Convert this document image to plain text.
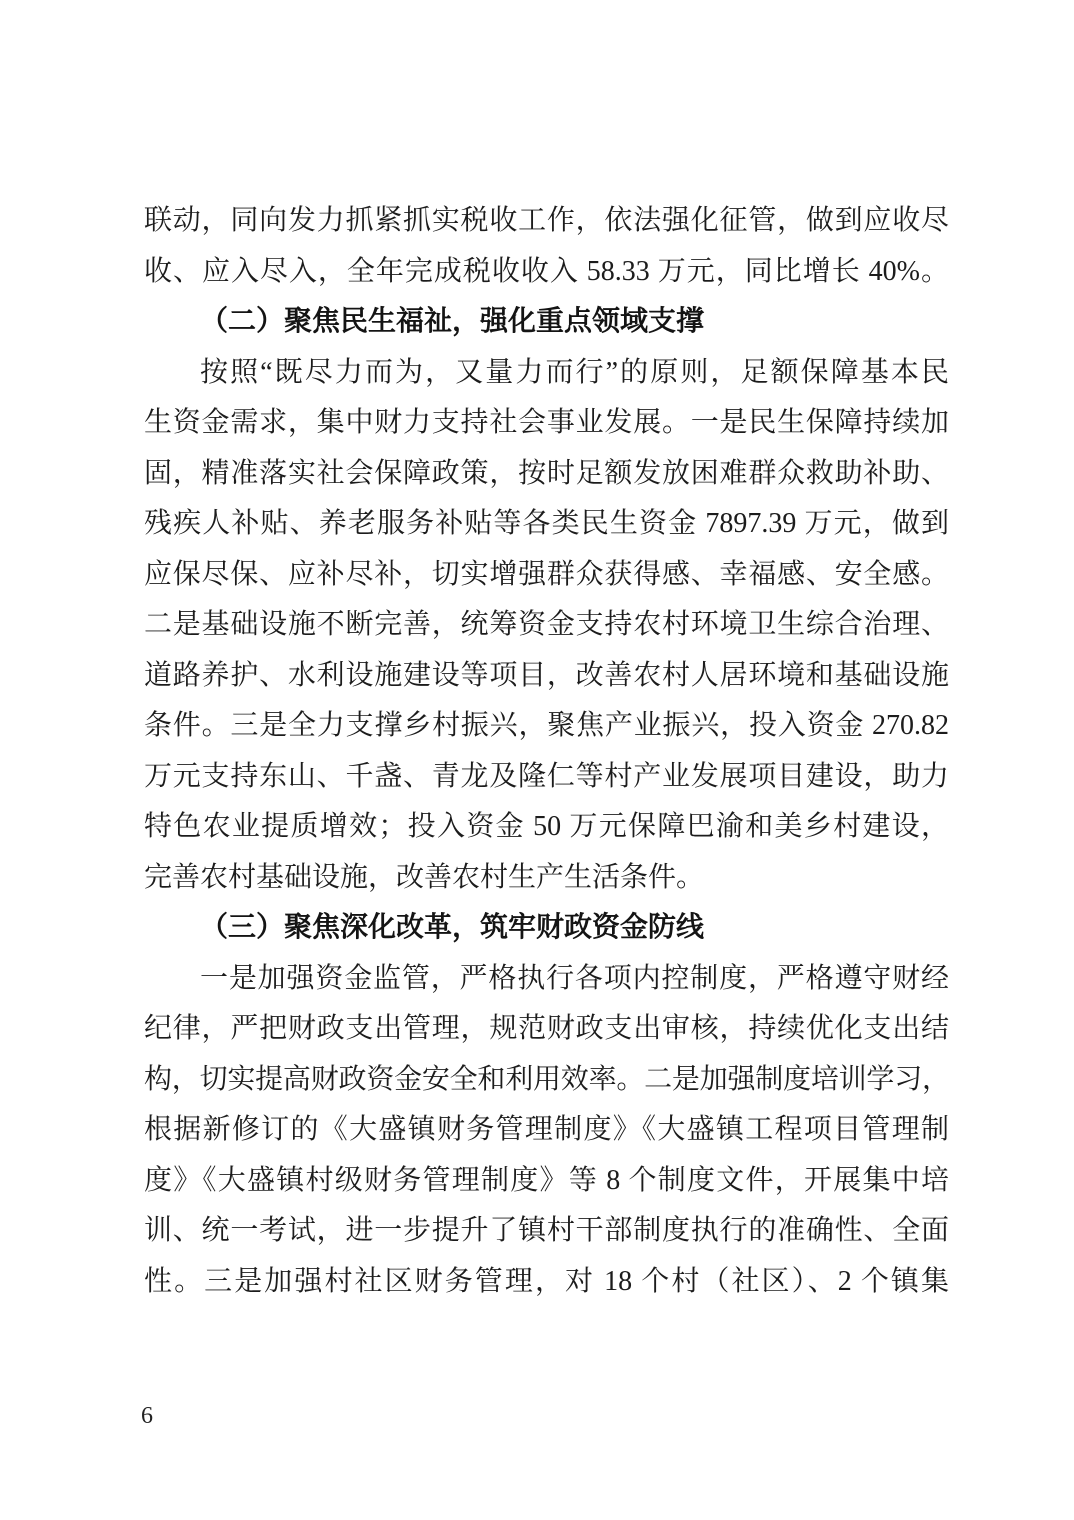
联动，同向发力抓紧抓实税收工作，依法强化征管，做到应收尽
收、应入尽入，全年完成税收收入 58.33 万元，同比增长 40%。
（二）聚焦民生福祉，强化重点领域支撑
按照“既尽力而为，又量力而行”的原则，足额保障基本民
生资金需求，集中财力支持社会事业发展。一是民生保障持续加
固，精准落实社会保障政策，按时足额发放困难群众救助补助、
残疾人补贴、养老服务补贴等各类民生资金 7897.39 万元，做到
应保尽保、应补尽补，切实增强群众获得感、幸福感、安全感。
二是基础设施不断完善，统筹资金支持农村环境卫生综合治理、
道路养护、水利设施建设等项目，改善农村人居环境和基础设施
条件。三是全力支撑乡村振兴，聚焦产业振兴，投入资金 270.82
万元支持东山、千盏、青龙及隆仁等村产业发展项目建设，助力
特色农业提质增效；投入资金 50 万元保障巴渝和美乡村建设，
完善农村基础设施，改善农村生产生活条件。
（三）聚焦深化改革，筑牢财政资金防线
一是加强资金监管，严格执行各项内控制度，严格遵守财经
纪律，严把财政支出管理，规范财政支出审核，持续优化支出结
构，切实提高财政资金安全和利用效率。二是加强制度培训学习，
根据新修订的《大盛镇财务管理制度》《大盛镇工程项目管理制
度》《大盛镇村级财务管理制度》等 8 个制度文件，开展集中培
训、统一考试，进一步提升了镇村干部制度执行的准确性、全面
性。三是加强村社区财务管理，对 18 个村（社区）、2 个镇集
6
